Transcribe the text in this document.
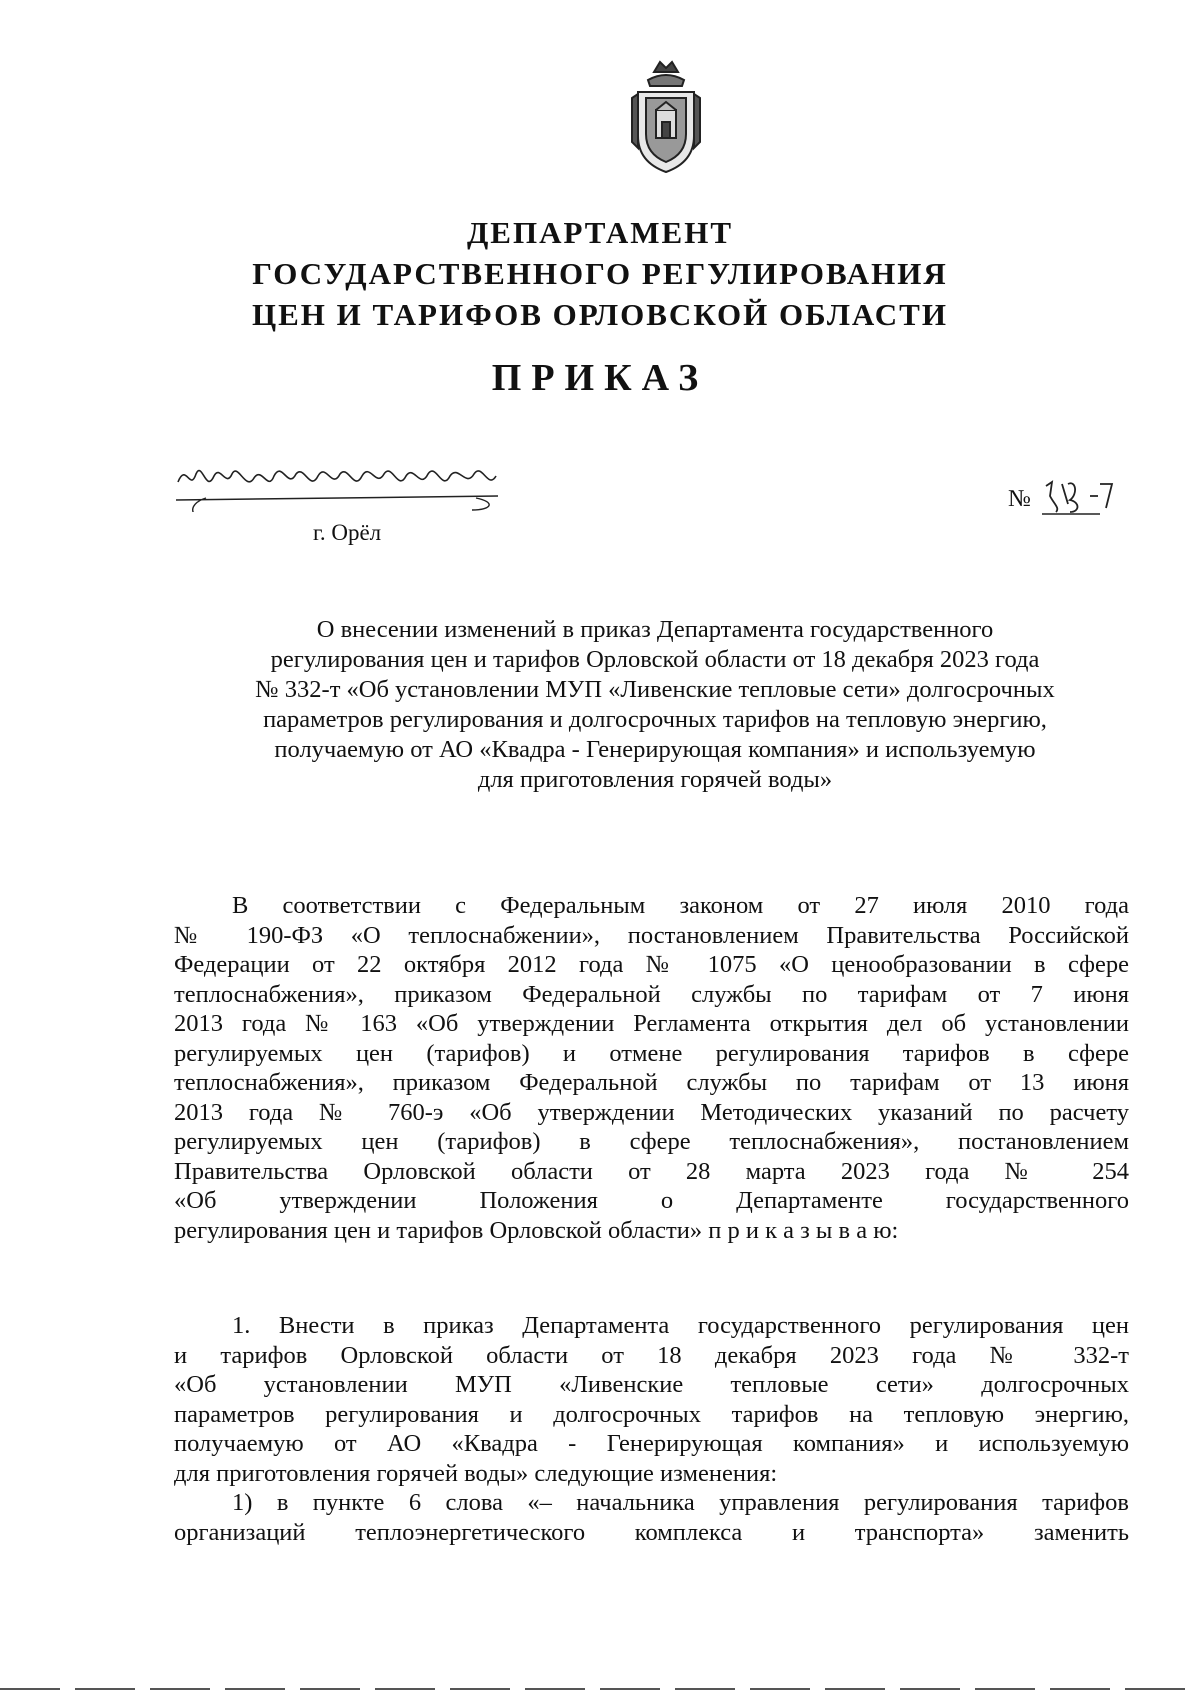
ДЕПАРТАМЕНТ
ГОСУДАРСТВЕННОГО РЕГУЛИРОВАНИЯ
ЦЕН И ТАРИФОВ ОРЛОВСКОЙ ОБЛАСТИ
ПРИКАЗ
г. Орёл
№
О внесении изменений в приказ Департамента государственного
регулирования цен и тарифов Орловской области от 18 декабря 2023 года
№ 332-т «Об установлении МУП «Ливенские тепловые сети» долгосрочных
параметров регулирования и долгосрочных тарифов на тепловую энергию,
получаемую от АО «Квадра - Генерирующая компания» и используемую
для приготовления горячей воды»
В соответствии с Федеральным законом от 27 июля 2010 года
№ 190-ФЗ «О теплоснабжении», постановлением Правительства Российской
Федерации от 22 октября 2012 года № 1075 «О ценообразовании в сфере
теплоснабжения», приказом Федеральной службы по тарифам от 7 июня
2013 года № 163 «Об утверждении Регламента открытия дел об установлении
регулируемых цен (тарифов) и отмене регулирования тарифов в сфере
теплоснабжения», приказом Федеральной службы по тарифам от 13 июня
2013 года № 760-э «Об утверждении Методических указаний по расчету
регулируемых цен (тарифов) в сфере теплоснабжения», постановлением
Правительства Орловской области от 28 марта 2023 года № 254
«Об утверждении Положения о Департаменте государственного
регулирования цен и тарифов Орловской области» п р и к а з ы в а ю:
1. Внести в приказ Департамента государственного регулирования цен
и тарифов Орловской области от 18 декабря 2023 года № 332-т
«Об установлении МУП «Ливенские тепловые сети» долгосрочных
параметров регулирования и долгосрочных тарифов на тепловую энергию,
получаемую от АО «Квадра - Генерирующая компания» и используемую
для приготовления горячей воды» следующие изменения:
1) в пункте 6 слова «– начальника управления регулирования тарифов
организаций теплоэнергетического комплекса и транспорта» заменить
